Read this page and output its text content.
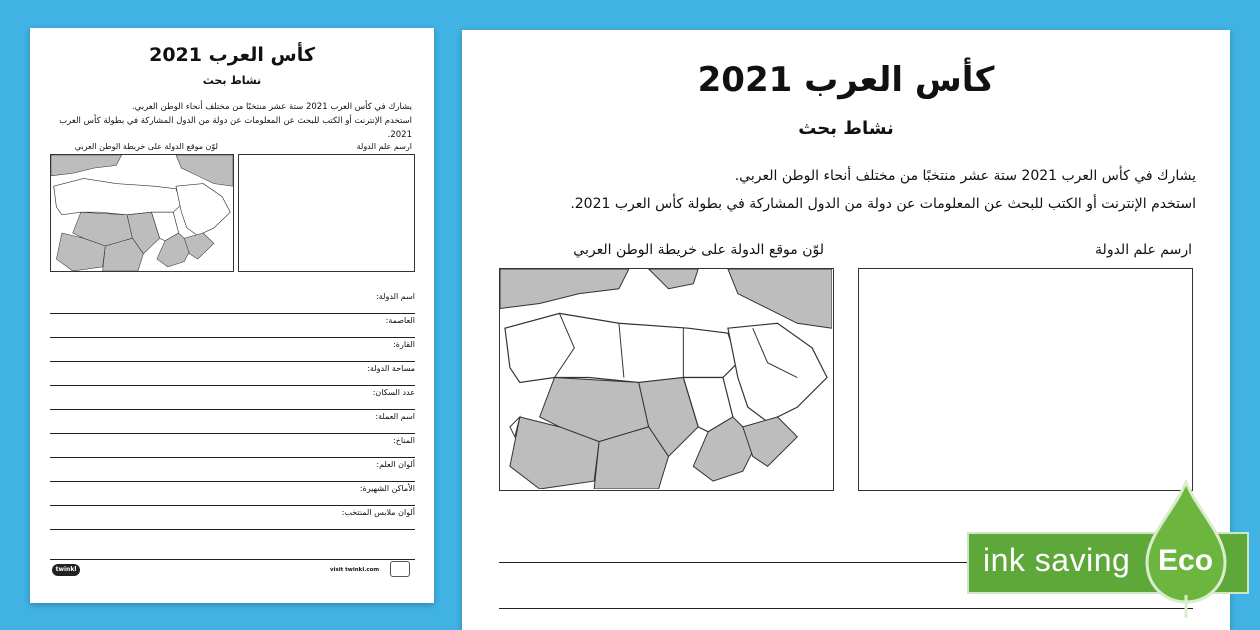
كأس العرب 2021
نشاط بحث
يشارك في كأس العرب 2021 ستة عشر منتخبًا من مختلف أنحاء الوطن العربي.
استخدم الإنترنت أو الكتب للبحث عن المعلومات عن دولة من الدول المشاركة في بطولة كأس العرب 2021.
لوّن موقع الدولة على خريطة الوطن العربي	ارسم علم الدولة
اسم الدولة:
العاصمة:
القارة:
مساحة الدولة:
عدد السكان:
اسم العملة:
المناخ:
ألوان العلم:
الأماكن الشهيرة:
ألوان ملابس المنتخب:
twinkl	visit twinkl.com
كأس العرب 2021
نشاط بحث
يشارك في كأس العرب 2021 ستة عشر منتخبًا من مختلف أنحاء الوطن العربي.
استخدم الإنترنت أو الكتب للبحث عن المعلومات عن دولة من الدول المشاركة في بطولة كأس العرب 2021.
لوّن موقع الدولة على خريطة الوطن العربي	ارسم علم الدولة
ink saving Eco
